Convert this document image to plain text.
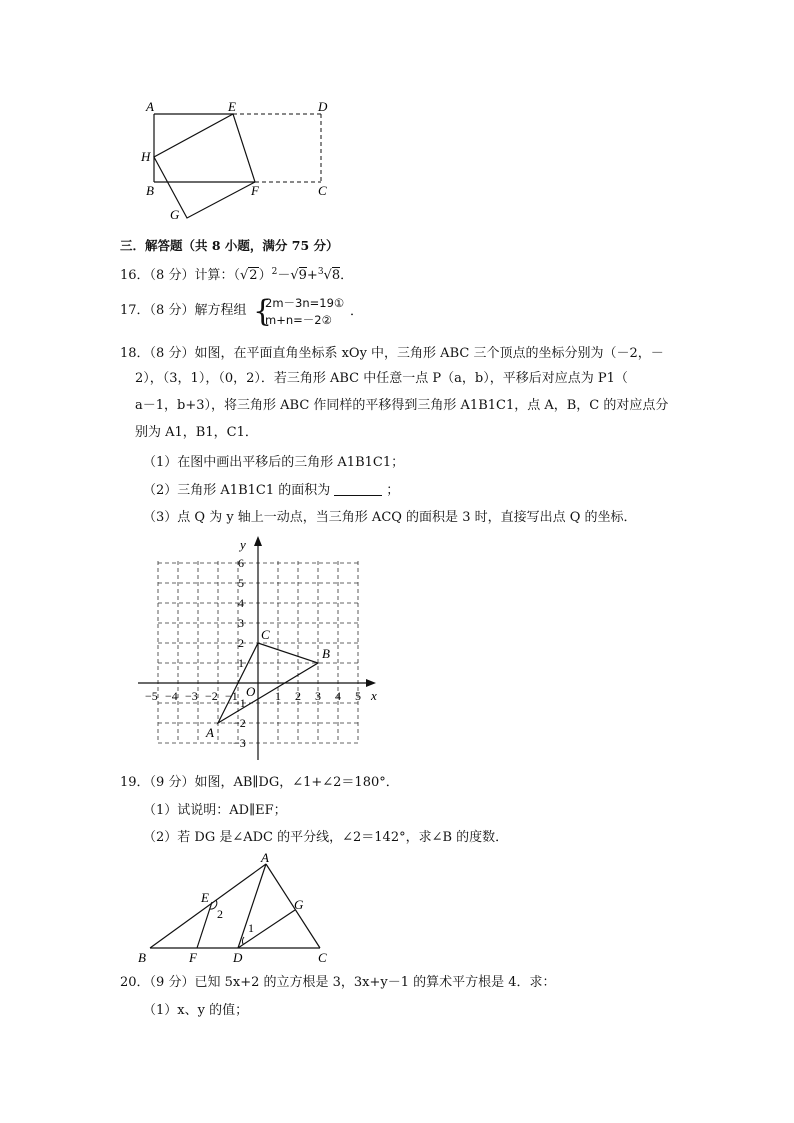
A	E	D
H
B	F	C
G
三．解答题（共 8 小题，满分 75 分）
16．（8 分）计算：$(√2)^2-√9+^3√8$．
17．（8 分）解方程组 {
2m－3n=19①
m+n=－2②
．
18．（8 分）如图，在平面直角坐标系 xOy 中，三角形 ABC 三个顶点的坐标分别为（－2，－
2），（3，1），（0，2）．若三角形 ABC 中任意一点 P（a，b），平移后对应点为 P1（
a－1，b+3），将三角形 ABC 作同样的平移得到三角形 A1B1C1，点 A，B，C 的对应点分
别为 A1，B1，C1．
（1）在图中画出平移后的三角形 A1B1C1；
（2）三角形 A1B1C1 的面积为	；
（3）点 Q 为 y 轴上一动点，当三角形 ACQ 的面积是 3 时，直接写出点 Q 的坐标．
x
y
O
−5 −4 −3 −2 −1	1 2 3 4 5
6
5
4
3
2
1
−1
−2
−3
A
B
C
19．（9 分）如图，AB∥DG，∠1+∠2＝180°．
（1）试说明：AD∥EF；
（2）若 DG 是∠ADC 的平分线，∠2＝142°，求∠B 的度数．
A
E	G
B	F	D	C
1
2
20．（9 分）已知 5x+2 的立方根是 3，3x+y－1 的算术平方根是 4．求：
（1）x、y 的值；
